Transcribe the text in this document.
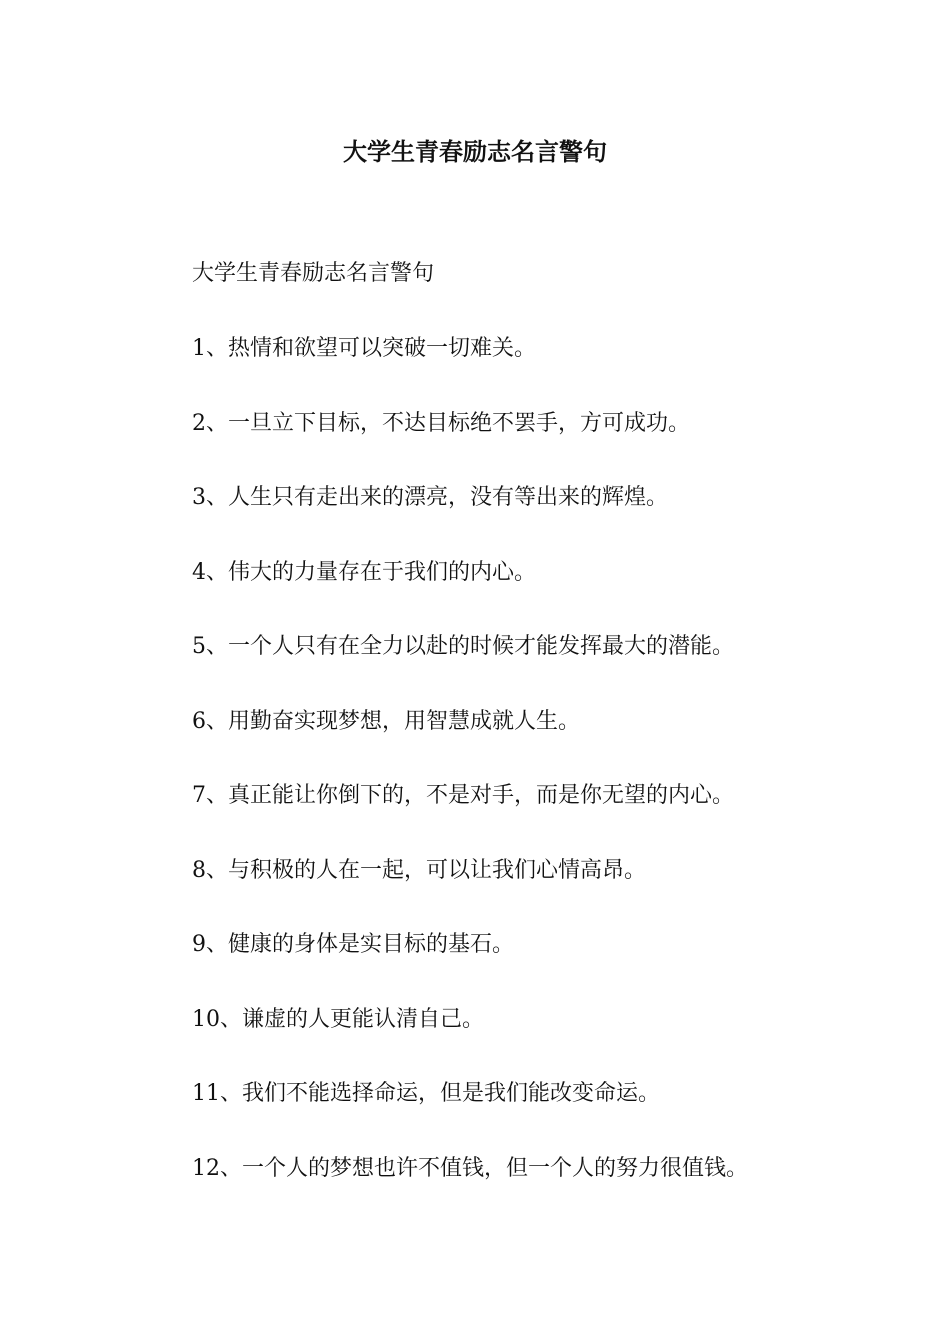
大学生青春励志名言警句

大学生青春励志名言警句

1、热情和欲望可以突破一切难关。
2、一旦立下目标，不达目标绝不罢手，方可成功。
3、人生只有走出来的漂亮，没有等出来的辉煌。
4、伟大的力量存在于我们的内心。
5、一个人只有在全力以赴的时候才能发挥最大的潜能。
6、用勤奋实现梦想，用智慧成就人生。
7、真正能让你倒下的，不是对手，而是你无望的内心。
8、与积极的人在一起，可以让我们心情高昂。
9、健康的身体是实目标的基石。
10、谦虚的人更能认清自己。
11、我们不能选择命运，但是我们能改变命运。
12、一个人的梦想也许不值钱，但一个人的努力很值钱。
